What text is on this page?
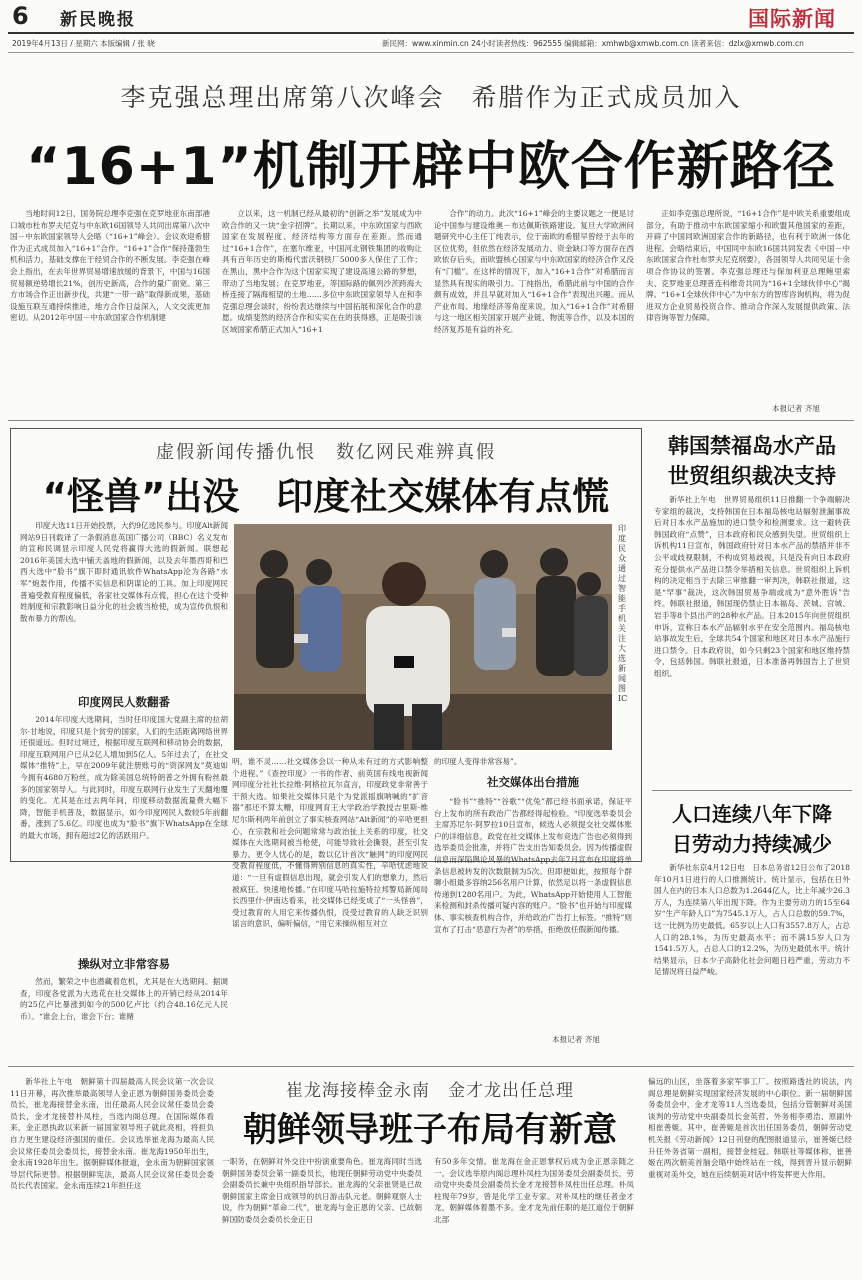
6 新民晚报	国际新闻
2019年4月13日 / 星期六 本版编辑 / 张 晓	新民网：www.xinmin.cn 24小时读者热线：962555 编辑邮箱：xmhwb@xmwb.com.cn 读者来信：dzlx@xmwb.com.cn
李克强总理出席第八次峰会　希腊作为正式成员加入
“16+1”机制开辟中欧合作新路径

当地时间12日，国务院总理李克强在克罗地亚东南部港口城市杜布罗夫尼克与中东欧16国领导人共同出席第八次中国－中东欧国家领导人会晤（“16+1”峰会）。会议欢迎希腊作为正式成员加入“16+1”合作。“16+1”合作“保持蓬勃生机和活力，基础支撑在于经贸合作的不断发展。李克强在峰会上指出，在去年世界贸易增速放缓的背景下，中国与16国贸易额逆势增长21%，创历史新高，合作的量广面宽。第三方市场合作正出新步伐，共建“一带一路”取得新成果，基础设施互联互通持续推进，地方合作日益深入，人文交流更加密切。从2012年中国－中东欧国家合作机制建

立以来，这一机制已经从最初的“创新之举”发展成为中欧合作的又一块“金字招牌”。长期以来，中东欧国家与西欧国家在发展程度、经济结构等方面存在差距。然而通过“16+1合作”，在塞尔维亚，中国河北钢铁集团的收购让具有百年历史的斯梅代雷沃钢铁厂5000多人保住了工作；在黑山，黑中合作为这个国家实现了建设高速公路的梦想，带动了当地发展；在克罗地亚，等国际路的佩列沙茨跨海大桥连接了隔海相望的土地……多位中东欧国家领导人在和李克强总理会谈时，纷纷表达继续与中国拓展和深化合作的意愿。成绩斐然的经济合作和实实在在的获得感，正是吸引该区域国家希腊正式加入“16+1

合作”的动力。此次“16+1”峰会的主要议题之一便是讨论中国参与建设维奥－布达佩斯铁路建设。复旦大学欧洲问题研究中心主任丁纯表示，位于南欧的希腊早曾经于去年的区位优势，但依然在经济发展动力、资金缺口等方面存在西欧依存后头，而欧盟核心国家与中东欧国家的经济合作又没有“门槛”。在这样的情况下，加入“16+1合作”对希腊而言显然具有现实的吸引力。丁纯指出，希腊此前与中国的合作颇有成效，并且早就对加入“16+1合作”表现出兴趣。而从产业布局、地缘经济等角度来说，加入“16+1合作”对希腊与这一地区相关国家开展产业链、物流等合作，以及本国的经济复苏是有益的补充。

正如李克强总理所说，“16+1合作”是中欧关系重要组成部分，有助于推动中东欧国家缩小和欧盟其他国家的差距，开辟了中国同欧洲国家合作的新路径，也有利于欧洲一体化进程。会晤结束后，中国同中东欧16国共同发表《中国－中东欧国家合作杜布罗夫尼克纲要》，各国领导人共同见证十余项合作协议的签署。李克强总理还与保加利亚总理鲍里索夫、克罗地亚总理普连科维奇共同为“16+1全球伙伴中心”揭牌。“16+1全球伙伴中心”为中东方的智库咨询机构，将为促进双方企业贸易投资合作、推动合作深入发展提供政策、法律咨询等智力保障。

本报记者 齐旭
虚假新闻传播仇恨　数亿网民难辨真假
“怪兽”出没　印度社交媒体有点慌

印度大选11日开始投票，大约9亿选民参与。印度Alt新闻网站9日刊载译了一条假消息英国广播公司（BBC）名义发布的宣称民调显示印度人民党将赢得大选的假新闻。联想起2016年美国大选中铺天盖地的假新闻，以及去年墨西哥和巴西大选中“脸书”旗下即时通讯软件WhatsApp沦为各路“水军”炮轰作用，传播不实信息和阴谋论的工具。加上印度网民普遍受教育程度偏低，各家社交媒体有点慌，担心在这个受种姓制度和宗教影响日益分化的社会被当枪使，成为宣传仇恨和散布暴力的帮凶。

印度网民人数翻番

2014年印度大选期间，当时任印度国大党副主席的拉胡尔·甘地说，印度只是个贫穷的国家，人们的生活距离网络世界还很遥远。但时过境迁，根据印度互联网和移动协会的数据，印度互联网用户已从2亿人增加到5亿人。5年过去了，在社交媒体“推特”上，早在2009年就注册账号的“资深网友”莫迪如今拥有4680万粉丝，成为除美国总统特朗普之外拥有粉丝最多的国家领导人。与此同时，印度互联网行业发生了天翻地覆的变化。尤其是在过去两年间，印度移动数据流量费大幅下降，智能手机普及，数据显示，如今印度网民人数较5年前翻番，涨到了5.6亿。印度也成为“脸书”旗下WhatsApp在全球的最大市场，拥有超过2亿的活跃用户。

操纵对立非常容易

然而，繁荣之中也潜藏着危机，尤其是在大选期间。据调查，印度各党派为大选花在社交媒体上的开销已经从2014年的25亿卢比暴涨到如今的500亿卢比（约合48.16亿元人民币）。“谁会上台，谁会下台；谁赌

印度民众通过智能手机关注大选新闻　　图 IC

明，谁不灵……社交媒体会以一种从未有过的方式影响整个进程。”《查控印度》一书的作者、前英国有线电视新闻网印度分社社长拉维·阿格拉瓦尔直言，印度政党非常善于干预大选。如果社交媒体只是个为党派摇旗呐喊的“扩音器”那还不算太糟，印度网育王大学政治学教授吉里斯·维尼尔斯利两年前创立了事实核查网站“Alt新闻”的辛哈更担心，在宗教和社会问题常常与政治扯上关系的印度，社交媒体在大选期间被当枪使，可能导致社会撕裂，甚至引发暴力。更令人忧心的是，数以亿计首次“触网”的印度网民受教育程度低，不懂得辨别信息的真实性，辛哈忧虑地说道：“一旦有虚假信息出现，就会引发人们的想象力，然后被疯狂、快速地传播。”在印度马哈拉施特拉邦警局新闻局长西里什·伊南达看来，社交媒体已经变成了“一头怪兽”，受过教育的人用它来传播仇恨，没受过教育的人缺乏识别谣言的意识，偏听偏信，“用它来操纵相互对立

的印度人变得非常容易”。

社交媒体出台措施

“脸书”“推特”“谷歌”“优兔”都已经书面承诺，保证平台上发布的所有政治广告都经得起检验。“印度选举委员会主席苏尼尔·阿罗拉10日宣布，候选人必须提交社交媒体账户的详细信息，政党在社交媒体上发布竞选广告也必须得到选举委员会批准，并将广告支出告知委员会。因为传播虚假信息而深陷舆论风暴的WhatsApp去年7月宣布在印度将单条信息被转发的次数限制为5次。但即便如此，按照每个群聊小组最多容纳256名用户计算，依然足以将一条虚假信息传递到1280名用户。为此，WhatsApp开始使用人工智能来检测和封杀传播可疑内容的账户。“脸书”也开始与印度媒体、事实核查机构合作，并给政治广告打上标签。“推特”则宣布了打击“恶意行为者”的举措，拒绝放任假新闻传播。

本报记者 齐旭
韩国禁福岛水产品
世贸组织裁决支持

新华社上午电　世界贸易组织11日推翻一个争端解决专家组的裁决，支持韩国在日本福岛核电站辐射泄漏事故后对日本水产品施加的进口禁令和检测要求。这一避转获韩国政府“点赞”，日本政府和民众感到失望。世贸组织上诉机构11日宣布，韩国政府针对日本水产品的禁措并非不公平或歧视限制，不构成贸易歧视，只是没有向日本政府充分提供水产品进口禁令举措相关信息。世贸组织上诉机构的决定相当于去除三审推翻一审判决，韩联社报道，这是“罕事”裁决，这次韩国贸易争端或成为“意外胜诉”告终。韩联社报道，韩国现仍禁止日本福岛、茨城、宫城、岩手等8个县出产的28种水产品。日本2015年向世贸组织申诉，宣称日本水产品辐射水平在安全范围内。福岛核电站事故发生后，全球共54个国家和地区对日本水产品施行进口禁令。日本政府说，如今只剩23个国家和地区维持禁令，包括韩国。韩联社报道，日本准备再韩国告上了世贸组织。

人口连续八年下降
日劳动力持续减少

新华社东京4月12日电　日本总务省12日公布了2018年10月1日进行的人口推测统计。统计显示，包括在日外国人在内的日本人口总数为1.2644亿人，比上年减少26.3万人，为连续第八年出现下降。作为主要劳动力的15至64岁“生产年龄人口”为7545.1万人，占人口总数的59.7%，这一比例为历史最低。65岁以上人口有3557.8万人，占总人口的28.1%，为历史最高水平；而不满15岁人口为1541.5万人，占总人口的12.2%，为历史最低水平。统计结果显示，日本少子高龄化社会问题日趋严重，劳动力不足情况将日益严峻。

崔龙海接棒金永南　金才龙出任总理
朝鲜领导班子布局有新意

新华社上午电　朝鲜第十四届最高人民会议第一次会议11日开幕，再次推举最高领导人金正恩为朝鲜国务委员会委员长，崔龙海接替金永南，出任最高人民会议常任委员会委员长，金才龙接替朴凤柱，当选内阁总理。在国际媒体看来，金正恩执政以来新一届国家领导班子就此亮相，将担负自力更生建设经济强国的重任。会议选举崔龙海为最高人民会议常任委员会委员长，接替金永南。崔龙海1950年出生，金永南1928年出生。据朝鲜媒体报道，金永南为朝鲜国家领导层代际更替。根据朝鲜宪法，最高人民会议常任委员会委员长代表国家。金永南连续21年担任这

一职务，在朝鲜对外交往中扮演重要角色。崔龙海同时当选朝鲜国务委员会第一副委员长，他现任朝鲜劳动党中央委员会副委员长兼中央组织指导部长。崔龙海的父亲崔贤是已故朝鲜国家主席金日成领导的抗日游击队元老。朝鲜观察人士说，作为朝鲜“革命二代”，崔龙海与金正恩的父亲、已故朝鲜国防委员会委员长金正日

有50多年交情。崔龙海在金正恩掌权后成为金正恩亲随之一。会议选举原内阁总理朴凤柱为国务委员会副委员长，劳动党中央委员会副委员长金才龙接替朴凤柱出任总理。朴凤柱现年79岁，曾是化学工业专家。对朴凤柱的继任者金才龙，朝鲜媒体着墨不多。金才龙先前任职的是江道位于朝鲜北部

偏远的山区，坐落着多家军事工厂。按照路透社的说法，内阁总理是朝鲜实现国家经济发展的中心职位。新一届朝鲜国务委员会中，金才龙等11人当选委员，包括分管朝鲜对美国谈判的劳动党中央副委员长金英哲、外务相李勇浩、原副外相崔善姬。其中，崔善姬是首次出任国务委员，朝鲜劳动党机关报《劳动新闻》12日刊登的配图报道显示，崔善姬已经升任外务省第一副相，接替金桂冠。韩联社等媒体称，崔善姬在两次朝美首脑会晤中始终站在一线，得到晋升显示朝鲜重视对美外交，她在后续朝美对话中将发挥更大作用。
